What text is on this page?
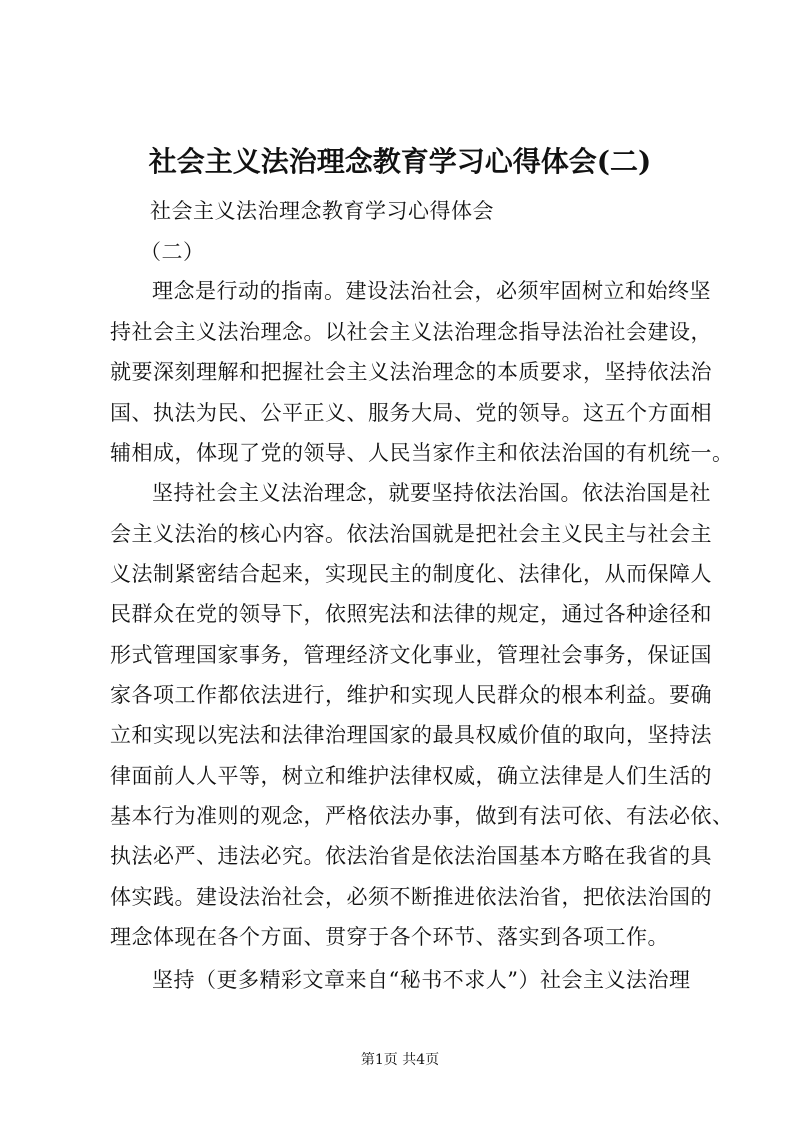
社会主义法治理念教育学习心得体会(二)
社会主义法治理念教育学习心得体会
（二）
理念是行动的指南。建设法治社会，必须牢固树立和始终坚
持社会主义法治理念。以社会主义法治理念指导法治社会建设，
就要深刻理解和把握社会主义法治理念的本质要求，坚持依法治
国、执法为民、公平正义、服务大局、党的领导。这五个方面相
辅相成，体现了党的领导、人民当家作主和依法治国的有机统一。
坚持社会主义法治理念，就要坚持依法治国。依法治国是社
会主义法治的核心内容。依法治国就是把社会主义民主与社会主
义法制紧密结合起来，实现民主的制度化、法律化，从而保障人
民群众在党的领导下，依照宪法和法律的规定，通过各种途径和
形式管理国家事务，管理经济文化事业，管理社会事务，保证国
家各项工作都依法进行，维护和实现人民群众的根本利益。要确
立和实现以宪法和法律治理国家的最具权威价值的取向，坚持法
律面前人人平等，树立和维护法律权威，确立法律是人们生活的
基本行为准则的观念，严格依法办事，做到有法可依、有法必依、
执法必严、违法必究。依法治省是依法治国基本方略在我省的具
体实践。建设法治社会，必须不断推进依法治省，把依法治国的
理念体现在各个方面、贯穿于各个环节、落实到各项工作。
坚持（更多精彩文章来自“秘书不求人”）社会主义法治理
第1页 共4页
